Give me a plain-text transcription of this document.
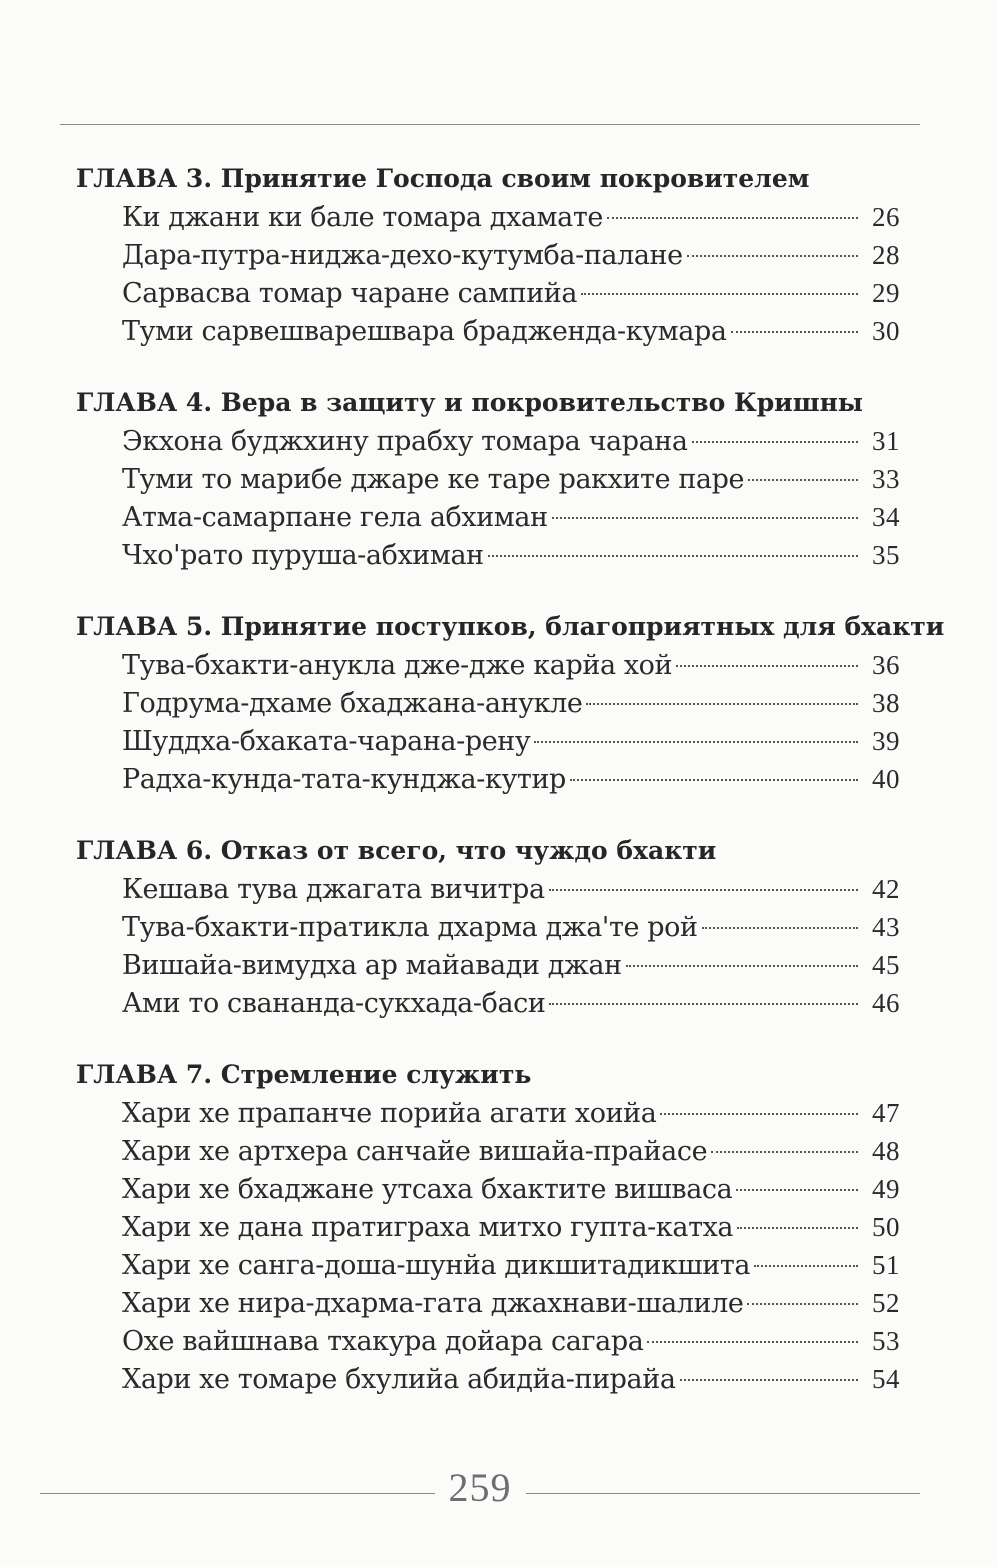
ГЛАВА 3. Принятие Господа своим покровителем
Ки джани ки бале томара дхамате	26
Дара-путра-ниджа-дехо-кутумба-палане	28
Сарвасва томар чаране сампийа	29
Туми сарвешварешвара брадженда-кумара	30
ГЛАВА 4. Вера в защиту и покровительство Кришны
Экхона буджхину прабху томара чарана	31
Туми то марибе джаре ке таре ракхите паре	33
Атма-самарпане гела абхиман	34
Чхо'рато пуруша-абхиман	35
ГЛАВА 5. Принятие поступков, благоприятных для бхакти
Тува-бхакти-анукла дже-дже карйа хой	36
Годрума-дхаме бхаджана-анукле	38
Шуддха-бхаката-чарана-рену	39
Радха-кунда-тата-кунджа-кутир	40
ГЛАВА 6. Отказ от всего, что чуждо бхакти
Кешава тува джагата вичитра	42
Тува-бхакти-пратикла дхарма джа'те рой	43
Вишайа-вимудха ар майавади джан	45
Ами то свананда-сукхада-баси	46
ГЛАВА 7. Стремление служить
Хари хе прапанче порийа агати хоийа	47
Хари хе артхера санчайе вишайа-прайасе	48
Хари хе бхаджане утсаха бхактите вишваса	49
Хари хе дана пратиграха митхо гупта-катха	50
Хари хе санга-доша-шунйа дикшитадикшита	51
Хари хе нира-дхарма-гата джахнави-шалиле	52
Охе вайшнава тхакура дойара сагара	53
Хари хе томаре бхулийа абидйа-пирайа	54
259
